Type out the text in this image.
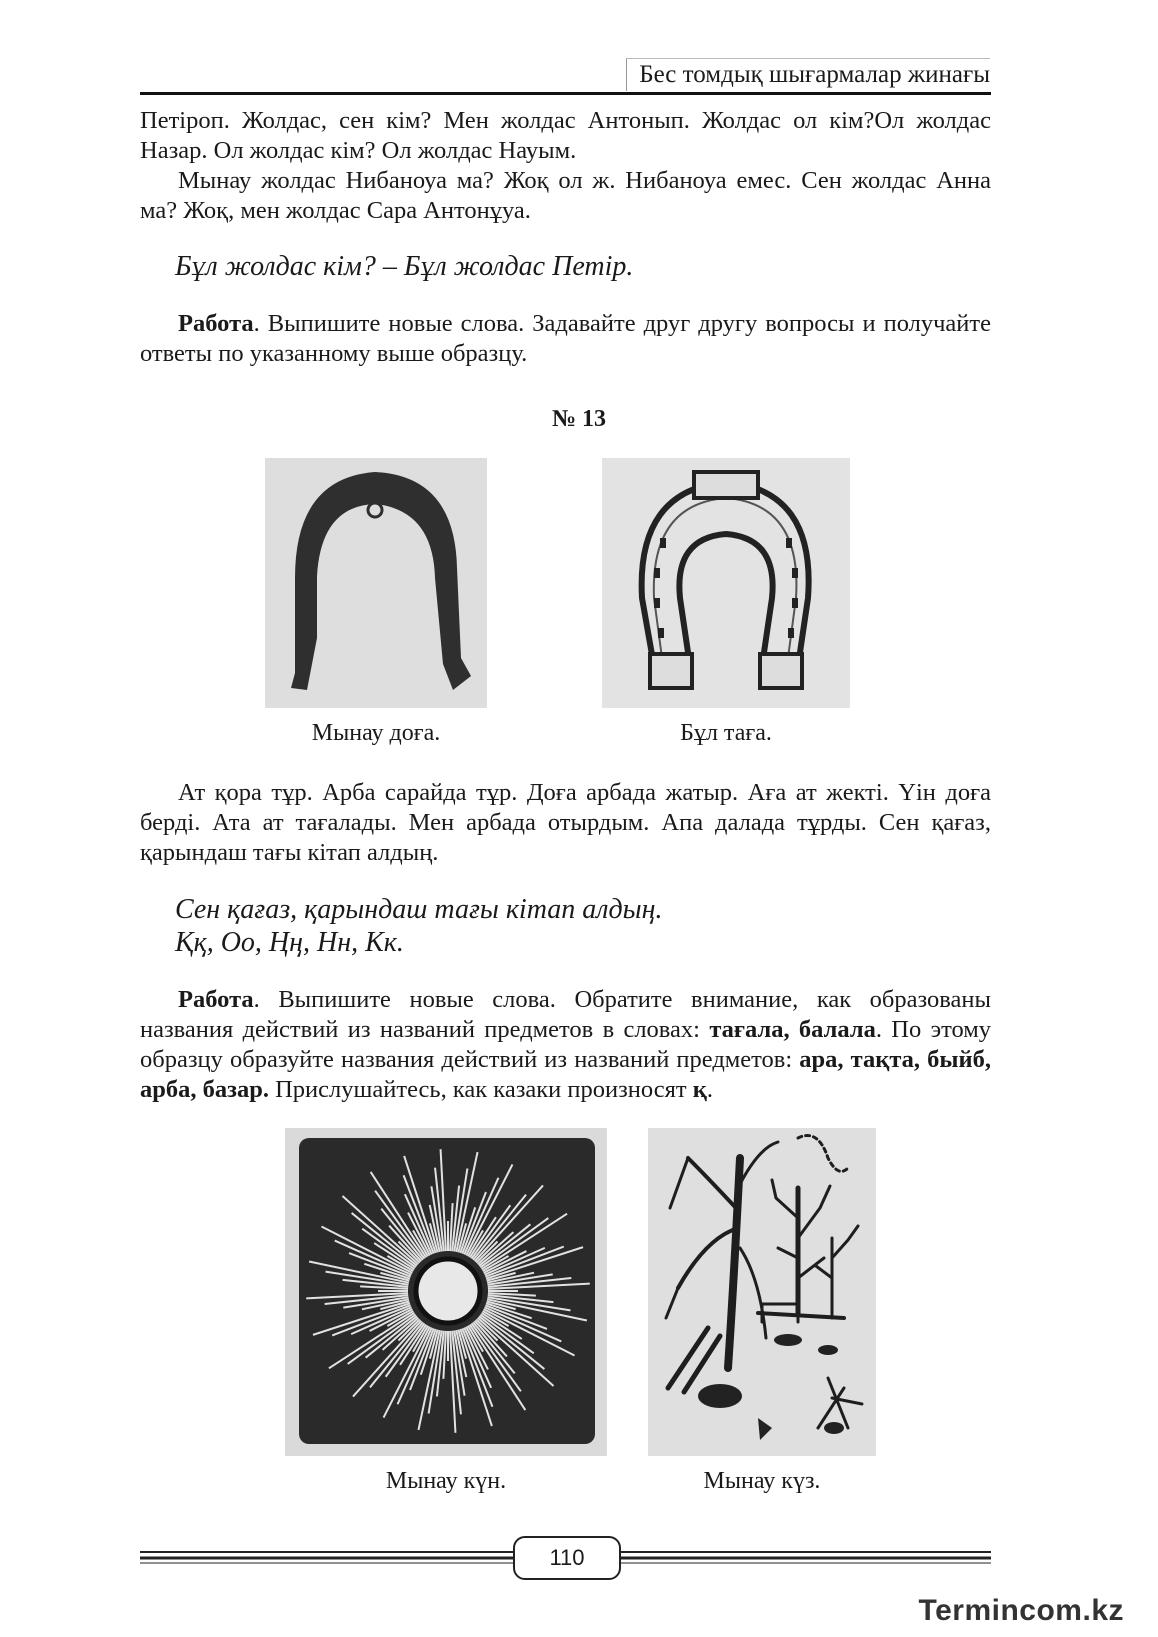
Бес томдық шығармалар жинағы

Петіроп. Жолдас, сен кім? Мен жолдас Антонып. Жолдас ол кім?Ол жолдас Назар. Ол жолдас кім? Ол жолдас Науым.

Мынау жолдас Нибаноуа ма? Жоқ ол ж. Нибаноуа емес. Сен жолдас Анна ма? Жоқ, мен жолдас Сара Антонұуа.

Бұл жолдас кім? – Бұл жолдас Петір.

Работа. Выпишите новые слова. Задавайте друг другу вопросы и получайте ответы по указанному выше образцу.

№ 13
Мынау доға.	Бұл таға.

Ат қора тұр. Арба сарайда тұр. Доға арбада жатыр. Аға ат жекті. Үін доға берді. Ата ат тағалады. Мен арбада отырдым. Апа далада тұрды. Сен қағаз, қарындаш тағы кітап алдың.

Сен қағаз, қарындаш тағы кітап алдың.
Ққ, Оо, Ңң, Нн, Кк.

Работа. Выпишите новые слова. Обратите внимание, как образованы названия действий из названий предметов в словах: тағала, балала. По этому образцу образуйте названия действий из названий предметов: ара, тақта, быйб, арба, базар. Прислушайтесь, как казаки произносят қ.

Мынау күн.	Мынау күз.
110
Termincom.kz
